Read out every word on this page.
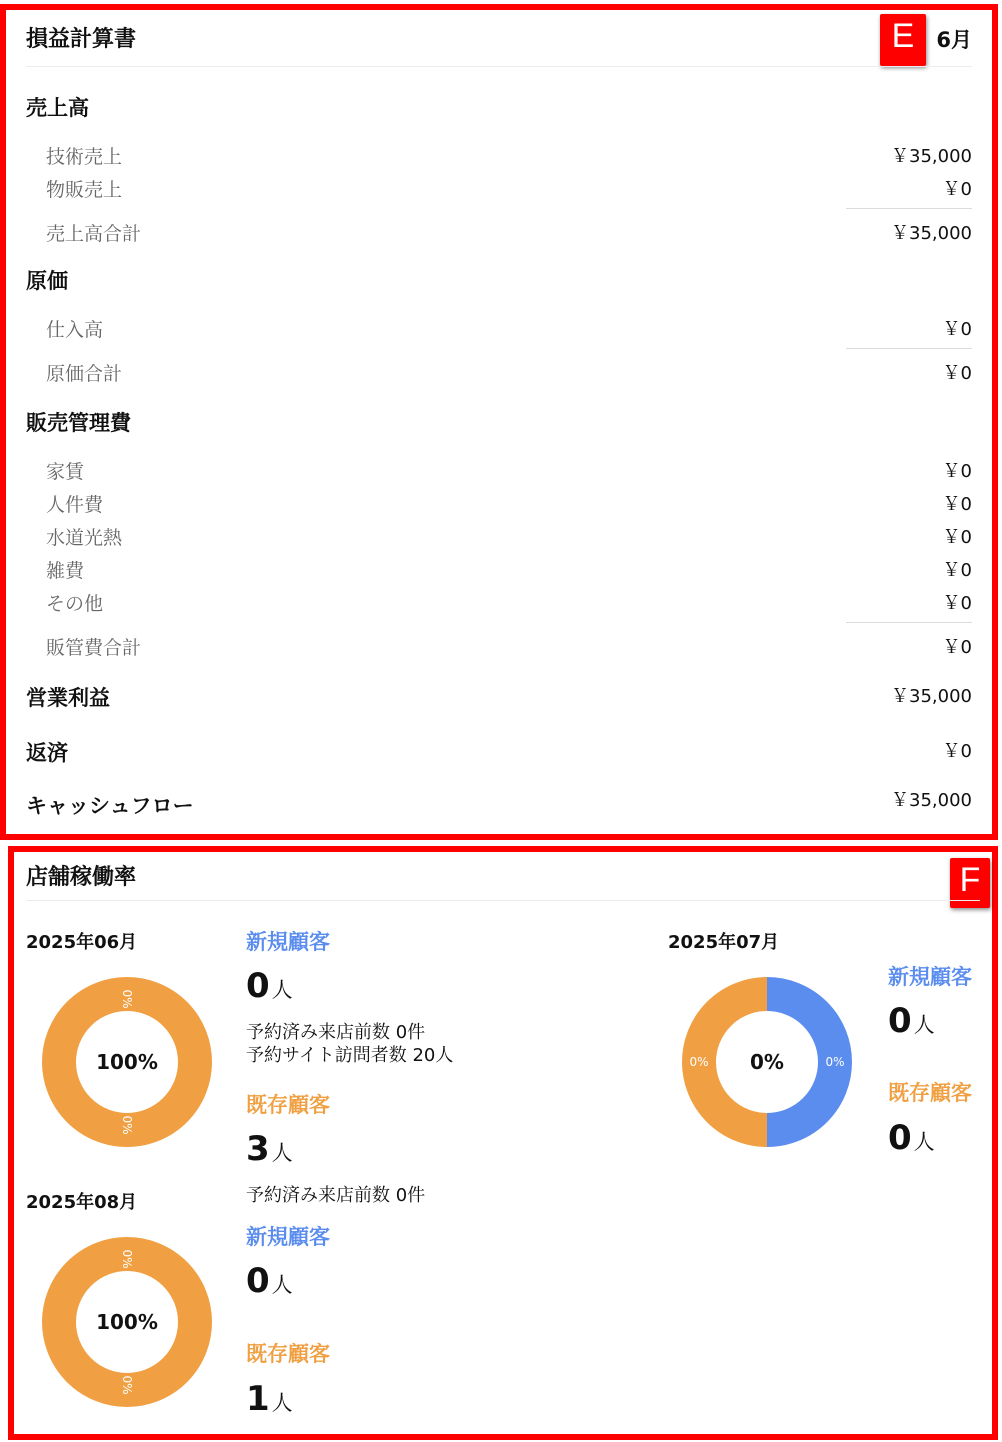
損益計算書	6月
E
売上高
技術売上	￥35,000
物販売上	￥0
売上高合計	￥35,000
原価
仕入高	￥0
原価合計	￥0
販売管理費
家賃	￥0
人件費	￥0
水道光熱	￥0
雑費	￥0
その他	￥0
販管費合計	￥0
営業利益	￥35,000
返済	￥0
キャッシュフロー	￥35,000
店舗稼働率	F
2025年06月
0%
0%
100%
新規顧客
0人
予約済み来店前数 0件
予約サイト訪問者数 20人
既存顧客
3人
予約済み来店前数 0件
2025年07月
0%	0%
0%
新規顧客
0人
既存顧客
0人
2025年08月
0%
0%
100%
新規顧客
0人
既存顧客
1人
